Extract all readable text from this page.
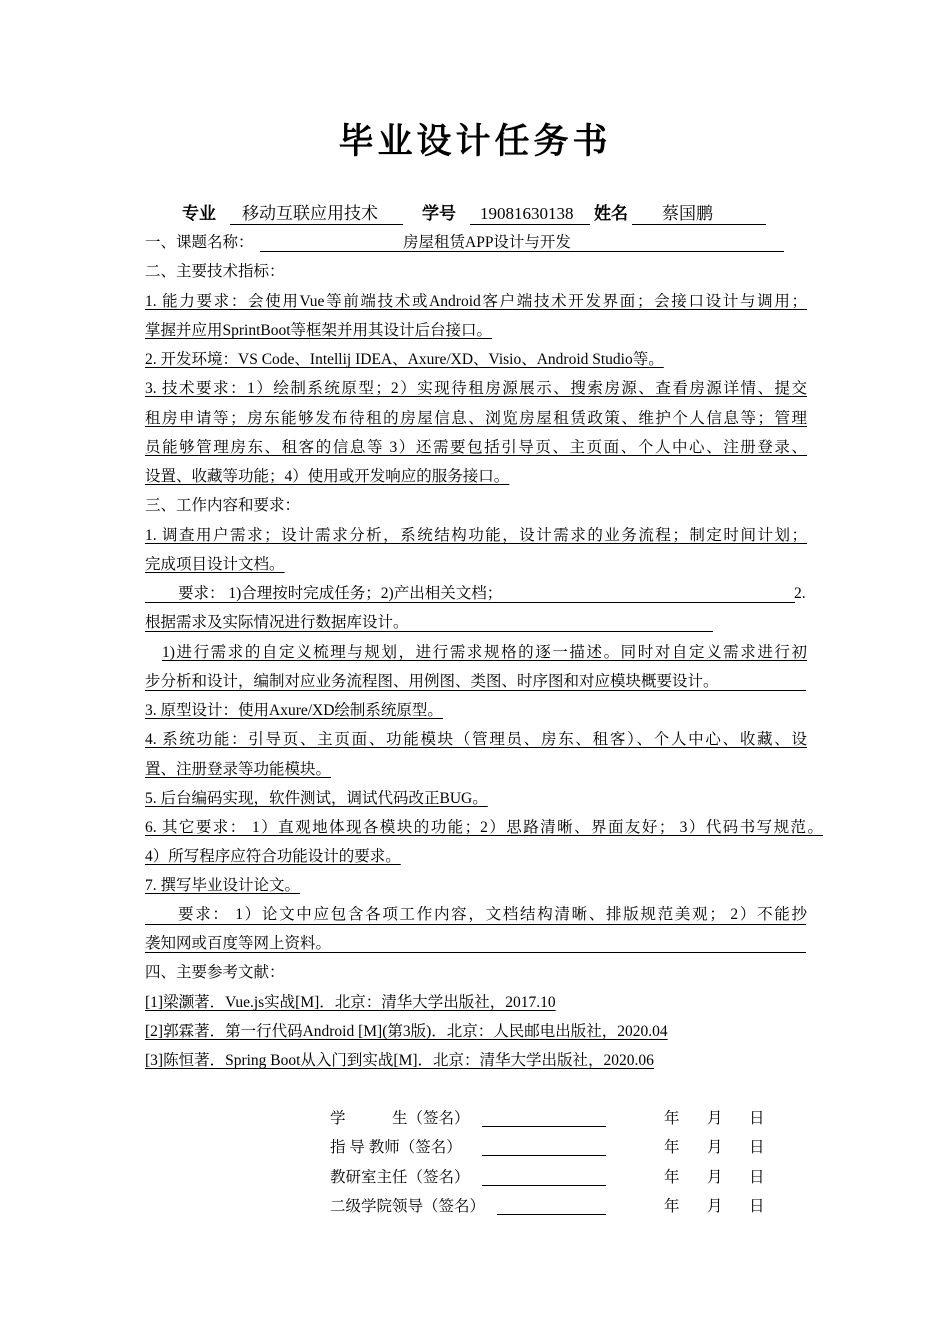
毕业设计任务书
专业 移动互联应用技术	学号 19081630138 姓名 蔡国鹏
一、课题名称：	房屋租赁APP设计与开发
二、主要技术指标：
1. 能力要求：会使用Vue等前端技术或Android客户端技术开发界面；会接口设计与调用；
掌握并应用SprintBoot等框架并用其设计后台接口。
2. 开发环境：VS Code、Intellij IDEA、Axure/XD、Visio、Android Studio等。
3. 技术要求：1）绘制系统原型；2）实现待租房源展示、搜索房源、查看房源详情、提交
租房申请等；房东能够发布待租的房屋信息、浏览房屋租赁政策、维护个人信息等；管理
员能够管理房东、租客的信息等 3）还需要包括引导页、主页面、个人中心、注册登录、
设置、收藏等功能；4）使用或开发响应的服务接口。
三、工作内容和要求：
1. 调查用户需求；设计需求分析，系统结构功能，设计需求的业务流程；制定时间计划；
完成项目设计文档。
要求： 1)合理按时完成任务；2)产出相关文档；	2.
根据需求及实际情况进行数据库设计。
1)进行需求的自定义梳理与规划，进行需求规格的逐一描述。同时对自定义需求进行初
步分析和设计，编制对应业务流程图、用例图、类图、时序图和对应模块概要设计。
3. 原型设计：使用Axure/XD绘制系统原型。
4. 系统功能：引导页、主页面、功能模块（管理员、房东、租客）、个人中心、收藏、设
置、注册登录等功能模块。
5. 后台编码实现，软件测试，调试代码改正BUG。
6. 其它要求： 1）直观地体现各模块的功能；2）思路清晰、界面友好； 3）代码书写规范。
4）所写程序应符合功能设计的要求。
7. 撰写毕业设计论文。
要求： 1）论文中应包含各项工作内容，文档结构清晰、排版规范美观； 2）不能抄
袭知网或百度等网上资料。
四、主要参考文献：
[1]梁灏著．Vue.js实战[M]．北京：清华大学出版社，2017.10
[2]郭霖著．第一行代码Android [M](第3版)．北京：人民邮电出版社，2020.04
[3]陈恒著．Spring Boot从入门到实战[M]．北京：清华大学出版社，2020.06
学　　　生（签名）	年 月 日
指 导 教师（签名）	年 月 日
教研室主任（签名）	年 月 日
二级学院领导（签名）	年 月 日
